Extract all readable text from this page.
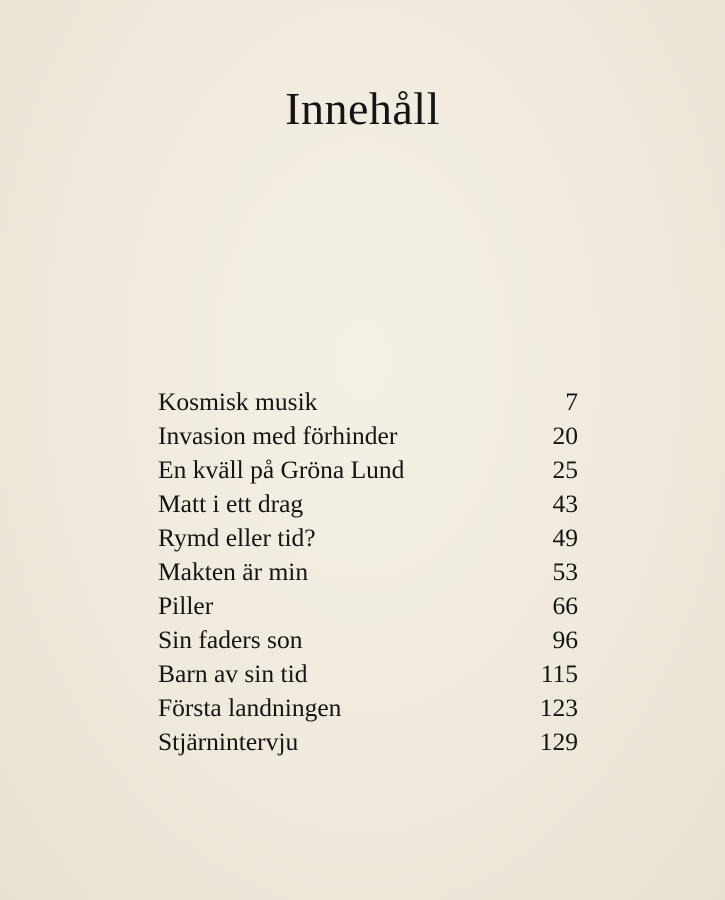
Innehåll
Kosmisk musik	7
Invasion med förhinder	20
En kväll på Gröna Lund	25
Matt i ett drag	43
Rymd eller tid?	49
Makten är min	53
Piller	66
Sin faders son	96
Barn av sin tid	115
Första landningen	123
Stjärnintervju	129
